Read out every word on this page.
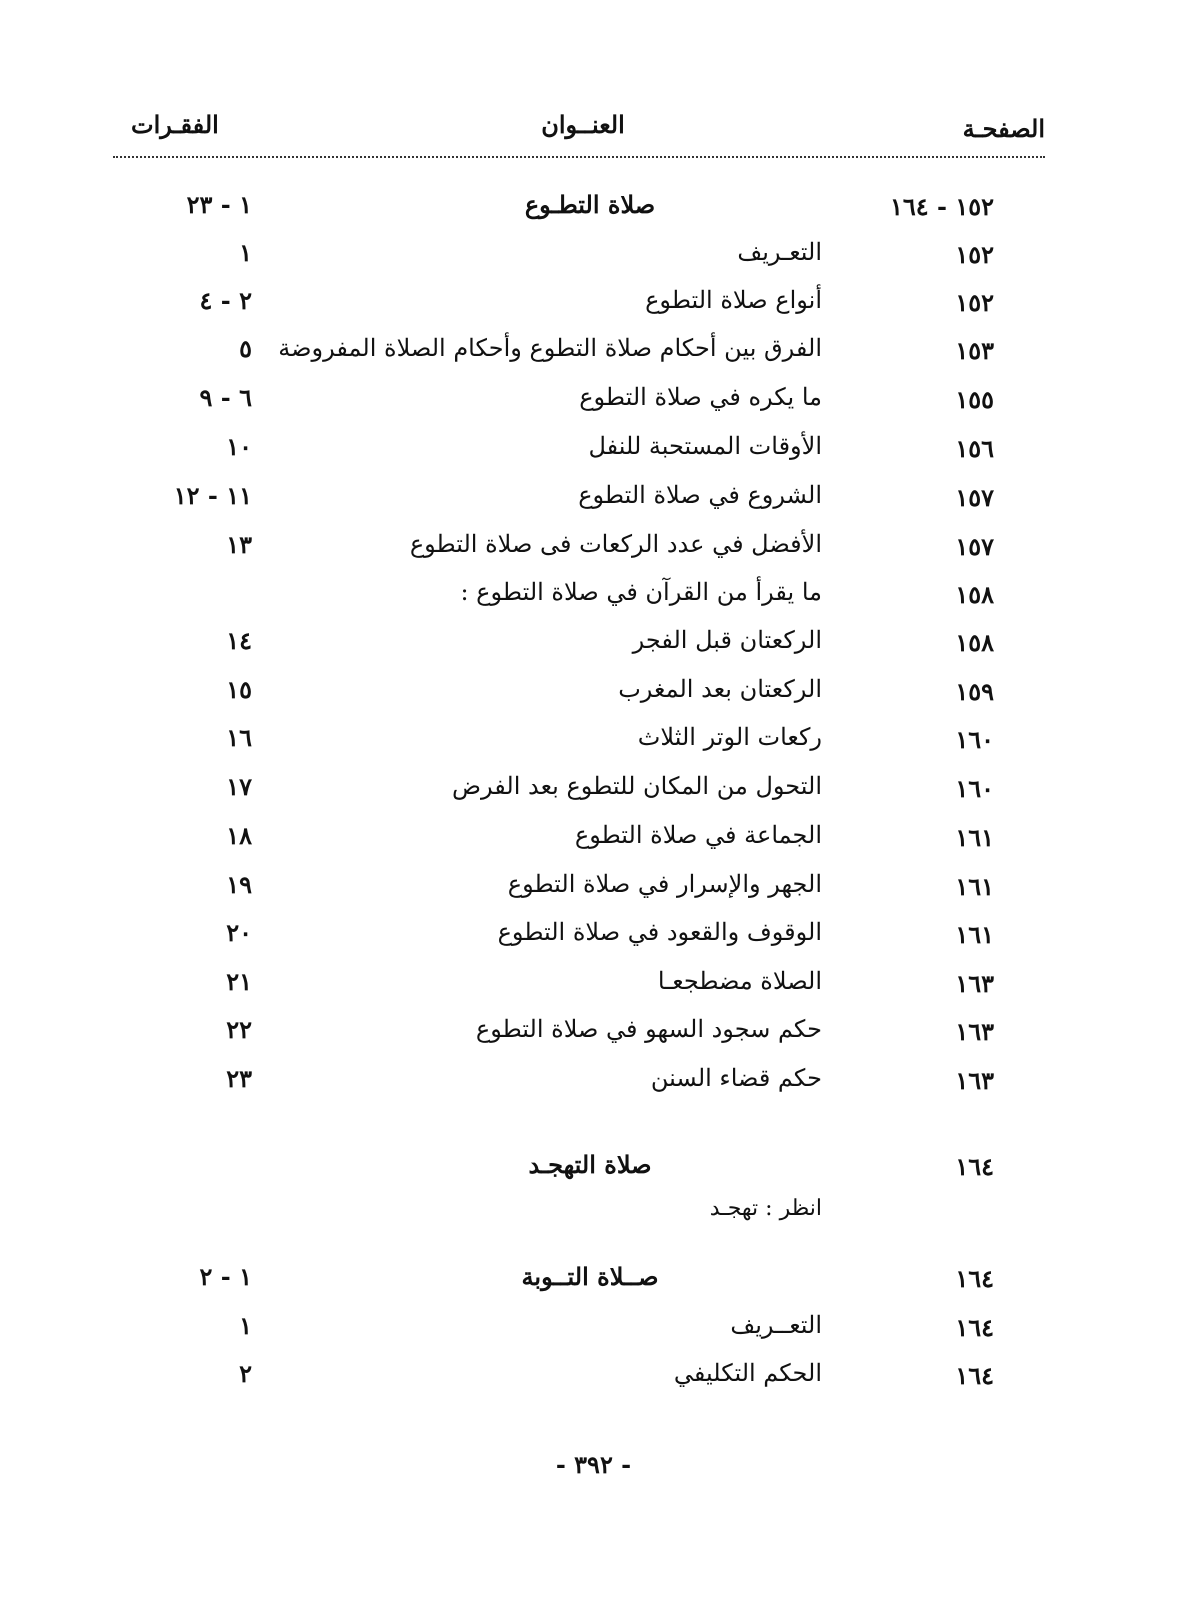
الصفحـة
العنــوان
الفقـرات
١٥٢ - ١٦٤
صلاة التطـوع
١ - ٢٣
١٥٢
التعـريف
١
١٥٢
أنواع صلاة التطوع
٢ - ٤
١٥٣
الفرق بين أحكام صلاة التطوع وأحكام الصلاة المفروضة
٥
١٥٥
ما يكره في صلاة التطوع
٦ - ٩
١٥٦
الأوقات المستحبة للنفل
١٠
١٥٧
الشروع في صلاة التطوع
١١ - ١٢
١٥٧
الأفضل في عدد الركعات فى صلاة التطوع
١٣
١٥٨
ما يقرأ من القرآن في صلاة التطوع :
١٥٨
الركعتان قبل الفجر
١٤
١٥٩
الركعتان بعد المغرب
١٥
١٦٠
ركعات الوتر الثلاث
١٦
١٦٠
التحول من المكان للتطوع بعد الفرض
١٧
١٦١
الجماعة في صلاة التطوع
١٨
١٦١
الجهر والإسرار في صلاة التطوع
١٩
١٦١
الوقوف والقعود في صلاة التطوع
٢٠
١٦٣
الصلاة مضطجعـا
٢١
١٦٣
حكم سجود السهو في صلاة التطوع
٢٢
١٦٣
حكم قضاء السنن
٢٣
١٦٤
صلاة التهجـد
انظر : تهجـد
١٦٤
صــلاة التــوبة
١ - ٢
١٦٤
التعــريف
١
١٦٤
الحكم التكليفي
٢
- ٣٩٢ -
